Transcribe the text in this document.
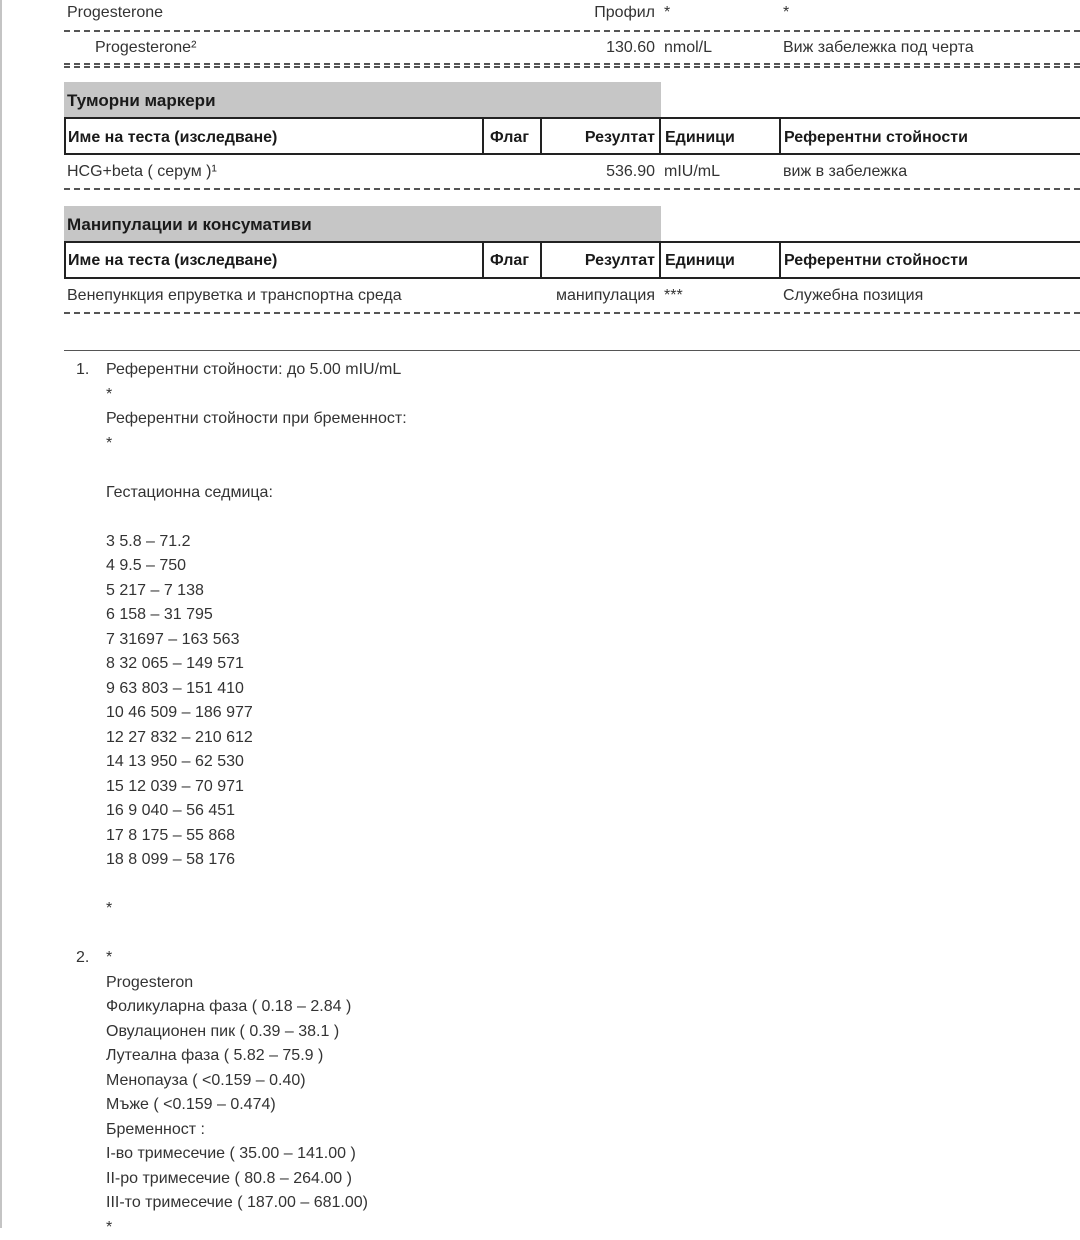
Progesterone	Профил *	*
Progesterone²	130.60 nmol/L	Виж забележка под черта
Туморни маркери
Име на теста (изследване)	Флаг	Резултат Единици	Референтни стойности
HCG+beta ( серум )¹	536.90 mIU/mL	виж в забележка
Манипулации и консумативи
Име на теста (изследване)	Флаг	Резултат Единици	Референтни стойности
Венепункция епруветка и транспортна среда	манипулация ***	Служебна позиция
1. Референтни стойности: до 5.00 mIU/mL
*
Референтни стойности при бременност:
*
Гестационна седмица:
3 5.8 – 71.2
4 9.5 – 750
5 217 – 7 138
6 158 – 31 795
7 31697 – 163 563
8 32 065 – 149 571
9 63 803 – 151 410
10 46 509 – 186 977
12 27 832 – 210 612
14 13 950 – 62 530
15 12 039 – 70 971
16 9 040 – 56 451
17 8 175 – 55 868
18 8 099 – 58 176
*
2. *
Progesteron
Фоликуларна фаза ( 0.18 – 2.84 )
Овулационен пик ( 0.39 – 38.1 )
Лутеална фаза ( 5.82 – 75.9 )
Менопауза ( <0.159 – 0.40)
Мъже ( <0.159 – 0.474)
Бременност :
I-во тримесечие ( 35.00 – 141.00 )
II-ро тримесечие ( 80.8 – 264.00 )
III-то тримесечие ( 187.00 – 681.00)
*
